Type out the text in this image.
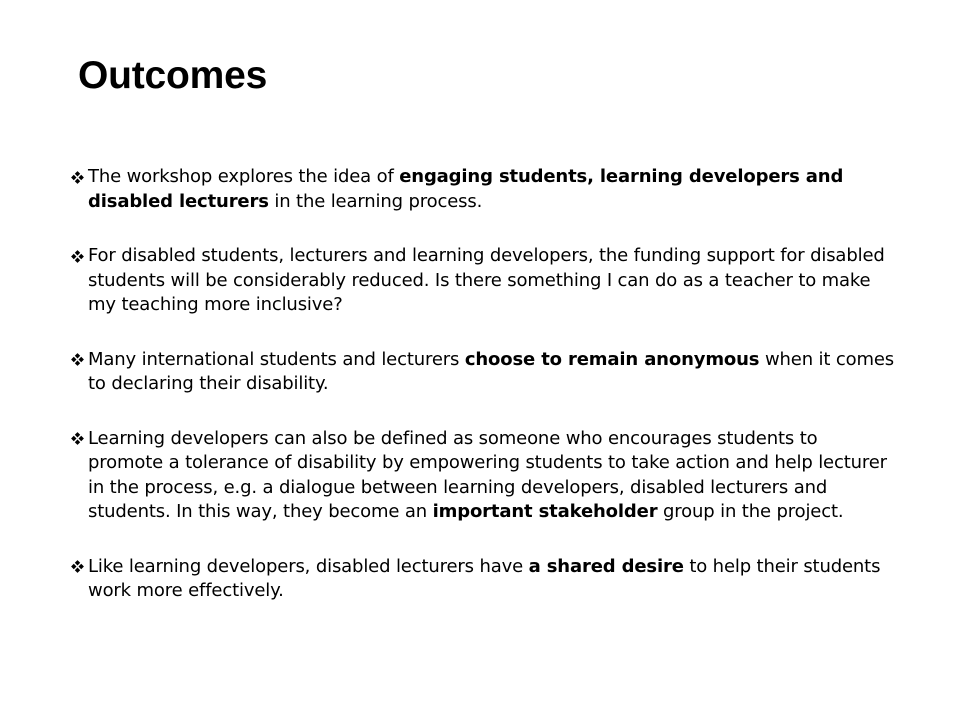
Outcomes
The workshop explores the idea of engaging students, learning developers and disabled lecturers in the learning process.
For disabled students, lecturers and learning developers, the funding support for disabled students will be considerably reduced. Is there something I can do as a teacher to make my teaching more inclusive?
Many international students and lecturers choose to remain anonymous when it comes to declaring their disability.
Learning developers can also be defined as someone who encourages students to promote a tolerance of disability by empowering students to take action and help lecturer in the process, e.g. a dialogue between learning developers, disabled lecturers and students. In this way, they become an important stakeholder group in the project.
Like learning developers, disabled lecturers have a shared desire to help their students work more effectively.
